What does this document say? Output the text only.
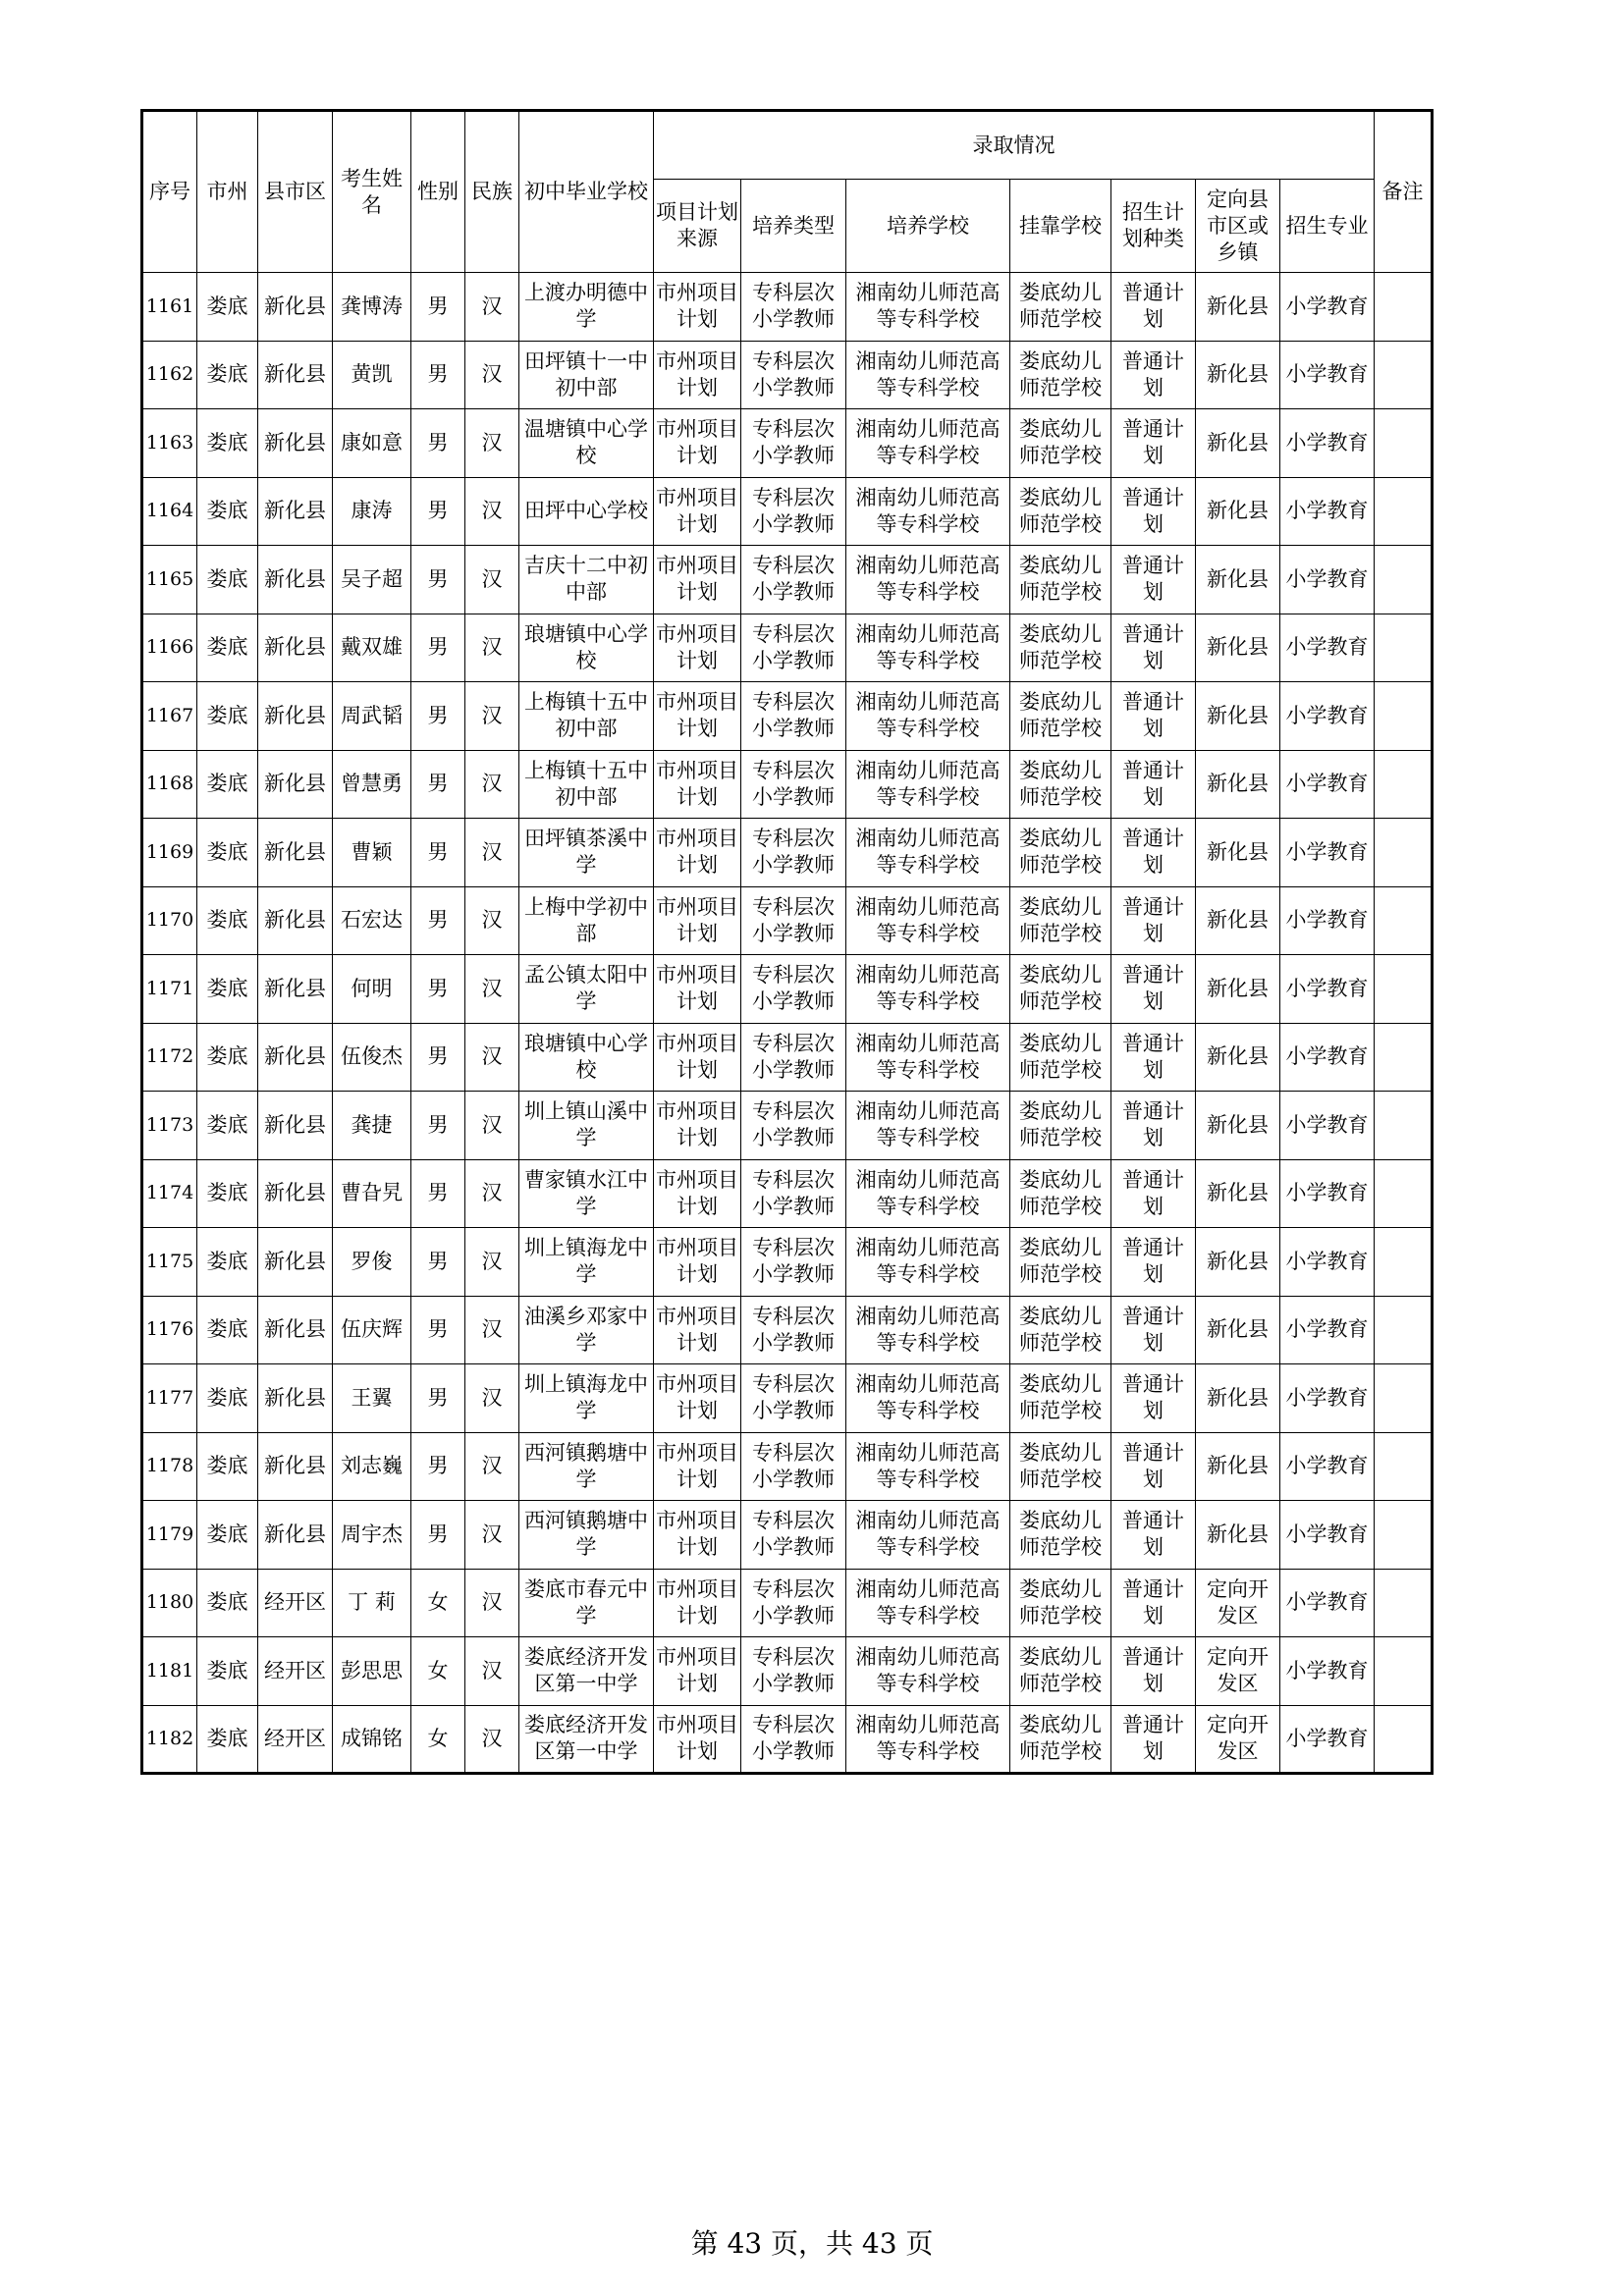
序号	市州	县市区	考生姓名	性别	民族	初中毕业学校	录取情况							备注
							项目计划来源	培养类型	培养学校	挂靠学校	招生计划种类	定向县市区或乡镇	招生专业	

1161	娄底	新化县	龚博涛	男	汉	上渡办明德中学	市州项目计划	专科层次小学教师	湘南幼儿师范高等专科学校	娄底幼儿师范学校	普通计划	新化县	小学教育	

1162	娄底	新化县	黄凯	男	汉	田坪镇十一中初中部	市州项目计划	专科层次小学教师	湘南幼儿师范高等专科学校	娄底幼儿师范学校	普通计划	新化县	小学教育	

1163	娄底	新化县	康如意	男	汉	温塘镇中心学校	市州项目计划	专科层次小学教师	湘南幼儿师范高等专科学校	娄底幼儿师范学校	普通计划	新化县	小学教育	

1164	娄底	新化县	康涛	男	汉	田坪中心学校	市州项目计划	专科层次小学教师	湘南幼儿师范高等专科学校	娄底幼儿师范学校	普通计划	新化县	小学教育	

1165	娄底	新化县	吴子超	男	汉	吉庆十二中初中部	市州项目计划	专科层次小学教师	湘南幼儿师范高等专科学校	娄底幼儿师范学校	普通计划	新化县	小学教育	

1166	娄底	新化县	戴双雄	男	汉	琅塘镇中心学校	市州项目计划	专科层次小学教师	湘南幼儿师范高等专科学校	娄底幼儿师范学校	普通计划	新化县	小学教育	

1167	娄底	新化县	周武韬	男	汉	上梅镇十五中初中部	市州项目计划	专科层次小学教师	湘南幼儿师范高等专科学校	娄底幼儿师范学校	普通计划	新化县	小学教育	

1168	娄底	新化县	曾慧勇	男	汉	上梅镇十五中初中部	市州项目计划	专科层次小学教师	湘南幼儿师范高等专科学校	娄底幼儿师范学校	普通计划	新化县	小学教育	

1169	娄底	新化县	曹颖	男	汉	田坪镇茶溪中学	市州项目计划	专科层次小学教师	湘南幼儿师范高等专科学校	娄底幼儿师范学校	普通计划	新化县	小学教育	

1170	娄底	新化县	石宏达	男	汉	上梅中学初中部	市州项目计划	专科层次小学教师	湘南幼儿师范高等专科学校	娄底幼儿师范学校	普通计划	新化县	小学教育	

1171	娄底	新化县	何明	男	汉	孟公镇太阳中学	市州项目计划	专科层次小学教师	湘南幼儿师范高等专科学校	娄底幼儿师范学校	普通计划	新化县	小学教育	

1172	娄底	新化县	伍俊杰	男	汉	琅塘镇中心学校	市州项目计划	专科层次小学教师	湘南幼儿师范高等专科学校	娄底幼儿师范学校	普通计划	新化县	小学教育	

1173	娄底	新化县	龚捷	男	汉	圳上镇山溪中学	市州项目计划	专科层次小学教师	湘南幼儿师范高等专科学校	娄底幼儿师范学校	普通计划	新化县	小学教育	

1174	娄底	新化县	曹旮旯	男	汉	曹家镇水江中学	市州项目计划	专科层次小学教师	湘南幼儿师范高等专科学校	娄底幼儿师范学校	普通计划	新化县	小学教育	

1175	娄底	新化县	罗俊	男	汉	圳上镇海龙中学	市州项目计划	专科层次小学教师	湘南幼儿师范高等专科学校	娄底幼儿师范学校	普通计划	新化县	小学教育	

1176	娄底	新化县	伍庆辉	男	汉	油溪乡邓家中学	市州项目计划	专科层次小学教师	湘南幼儿师范高等专科学校	娄底幼儿师范学校	普通计划	新化县	小学教育	

1177	娄底	新化县	王翼	男	汉	圳上镇海龙中学	市州项目计划	专科层次小学教师	湘南幼儿师范高等专科学校	娄底幼儿师范学校	普通计划	新化县	小学教育	

1178	娄底	新化县	刘志巍	男	汉	西河镇鹅塘中学	市州项目计划	专科层次小学教师	湘南幼儿师范高等专科学校	娄底幼儿师范学校	普通计划	新化县	小学教育	

1179	娄底	新化县	周宇杰	男	汉	西河镇鹅塘中学	市州项目计划	专科层次小学教师	湘南幼儿师范高等专科学校	娄底幼儿师范学校	普通计划	新化县	小学教育	

1180	娄底	经开区	丁 莉	女	汉	娄底市春元中学	市州项目计划	专科层次小学教师	湘南幼儿师范高等专科学校	娄底幼儿师范学校	普通计划	定向开发区	小学教育	

1181	娄底	经开区	彭思思	女	汉	娄底经济开发区第一中学	市州项目计划	专科层次小学教师	湘南幼儿师范高等专科学校	娄底幼儿师范学校	普通计划	定向开发区	小学教育	

1182	娄底	经开区	成锦铭	女	汉	娄底经济开发区第一中学	市州项目计划	专科层次小学教师	湘南幼儿师范高等专科学校	娄底幼儿师范学校	普通计划	定向开发区	小学教育	

第 43 页，共 43 页
